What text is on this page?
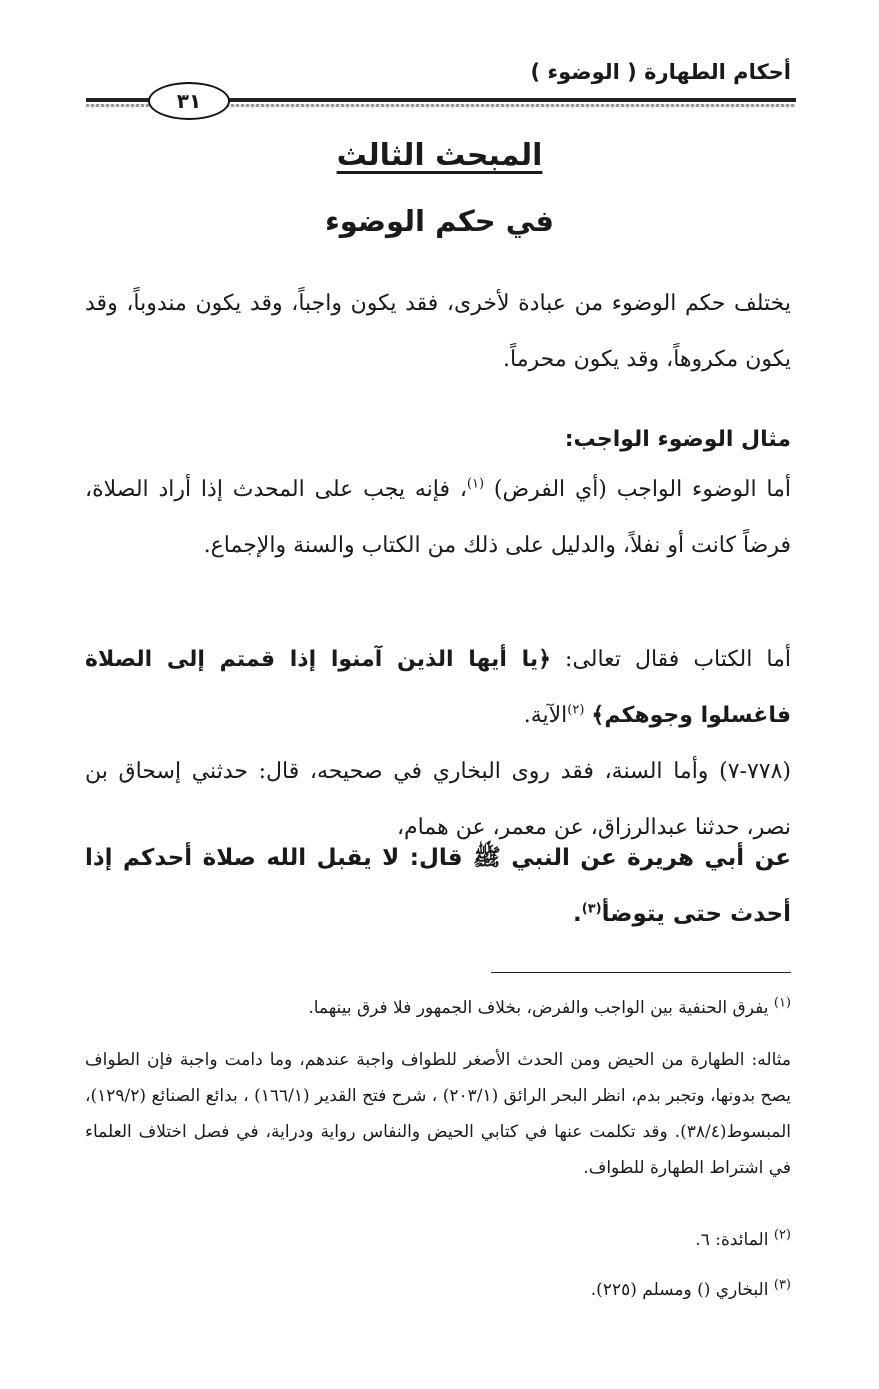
أحكام الطهارة ( الوضوء )
٣١
المبحث الثالث
في حكم الوضوء

يختلف حكم الوضوء من عبادة لأخرى، فقد يكون واجباً، وقد يكون مندوباً، وقد يكون مكروهاً، وقد يكون محرماً.

مثال الوضوء الواجب:

أما الوضوء الواجب (أي الفرض) $^{(١)}$، فإنه يجب على المحدث إذا أراد الصلاة، فرضاً كانت أو نفلاً، والدليل على ذلك من الكتاب والسنة والإجماع.

أما الكتاب فقال تعالى: ﴿يا أيها الذين آمنوا إذا قمتم إلى الصلاة فاغسلوا وجوهكم﴾ $^{(٢)}$الآية.

(٧٧٨-٧) وأما السنة، فقد روى البخاري في صحيحه، قال: حدثني إسحاق بن نصر، حدثنا عبدالرزاق، عن معمر، عن همام،

عن أبي هريرة عن النبي ﷺ قال: لا يقبل الله صلاة أحدكم إذا أحدث حتى يتوضأ$^{(٣)}$.

$^{(١)}$ يفرق الحنفية بين الواجب والفرض، بخلاف الجمهور فلا فرق بينهما.

مثاله: الطهارة من الحيض ومن الحدث الأصغر للطواف واجبة عندهم، وما دامت واجبة فإن الطواف يصح بدونها، وتجبر بدم، انظر البحر الرائق (٢٠٣/١) ، شرح فتح القدير (١٦٦/١) ، بدائع الصنائع (١٢٩/٢)، المبسوط(٣٨/٤). وقد تكلمت عنها في كتابي الحيض والنفاس رواية ودراية، في فصل اختلاف العلماء في اشتراط الطهارة للطواف.

$^{(٢)}$ المائدة: ٦.

$^{(٣)}$ البخاري () ومسلم (٢٢٥).
